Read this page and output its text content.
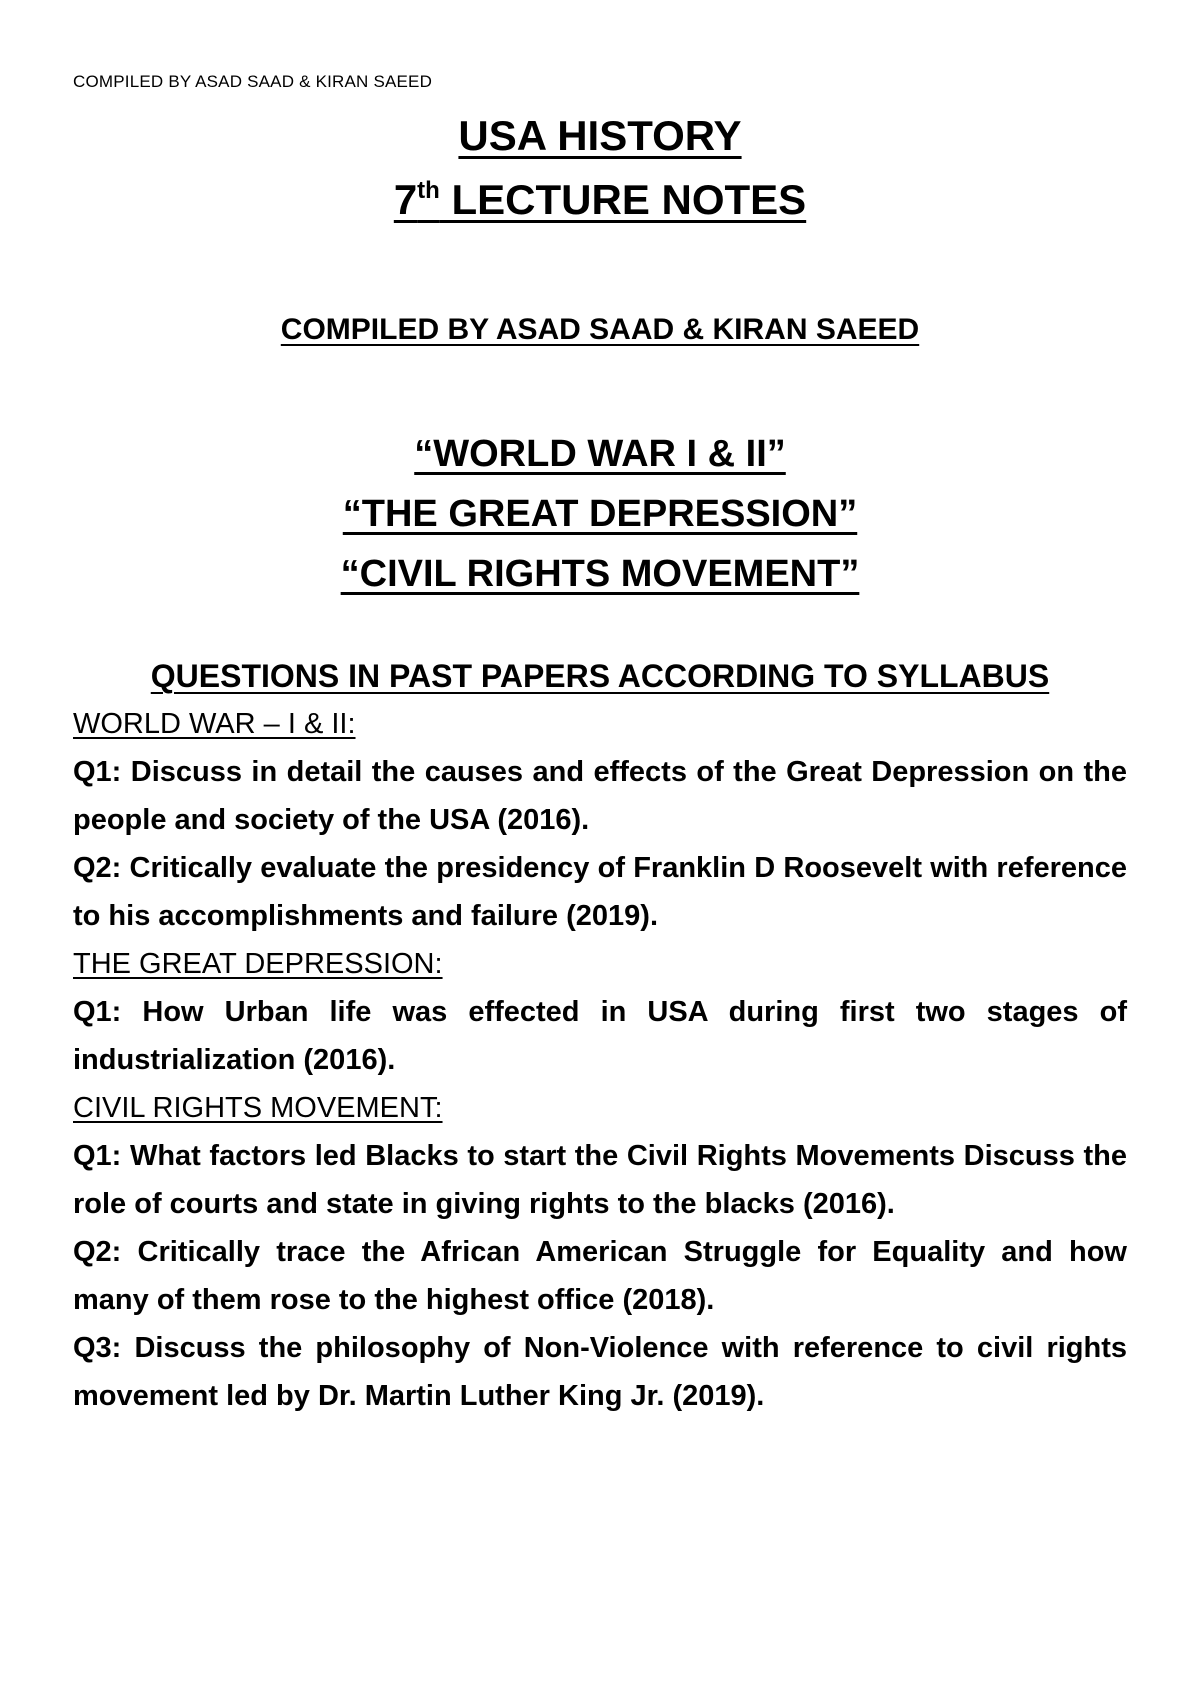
COMPILED BY ASAD SAAD & KIRAN SAEED
USA HISTORY
7th LECTURE NOTES
COMPILED BY ASAD SAAD & KIRAN SAEED
“WORLD WAR I & II”
“THE GREAT DEPRESSION”
“CIVIL RIGHTS MOVEMENT”
QUESTIONS IN PAST PAPERS ACCORDING TO SYLLABUS
WORLD WAR – I & II:
Q1: Discuss in detail the causes and effects of the Great Depression on the people and society of the USA (2016).
Q2: Critically evaluate the presidency of Franklin D Roosevelt with reference to his accomplishments and failure (2019).
THE GREAT DEPRESSION:
Q1: How Urban life was effected in USA during first two stages of industrialization (2016).
CIVIL RIGHTS MOVEMENT:
Q1: What factors led Blacks to start the Civil Rights Movements Discuss the role of courts and state in giving rights to the blacks (2016).
Q2: Critically trace the African American Struggle for Equality and how many of them rose to the highest office (2018).
Q3: Discuss the philosophy of Non-Violence with reference to civil rights movement led by Dr. Martin Luther King Jr. (2019).
